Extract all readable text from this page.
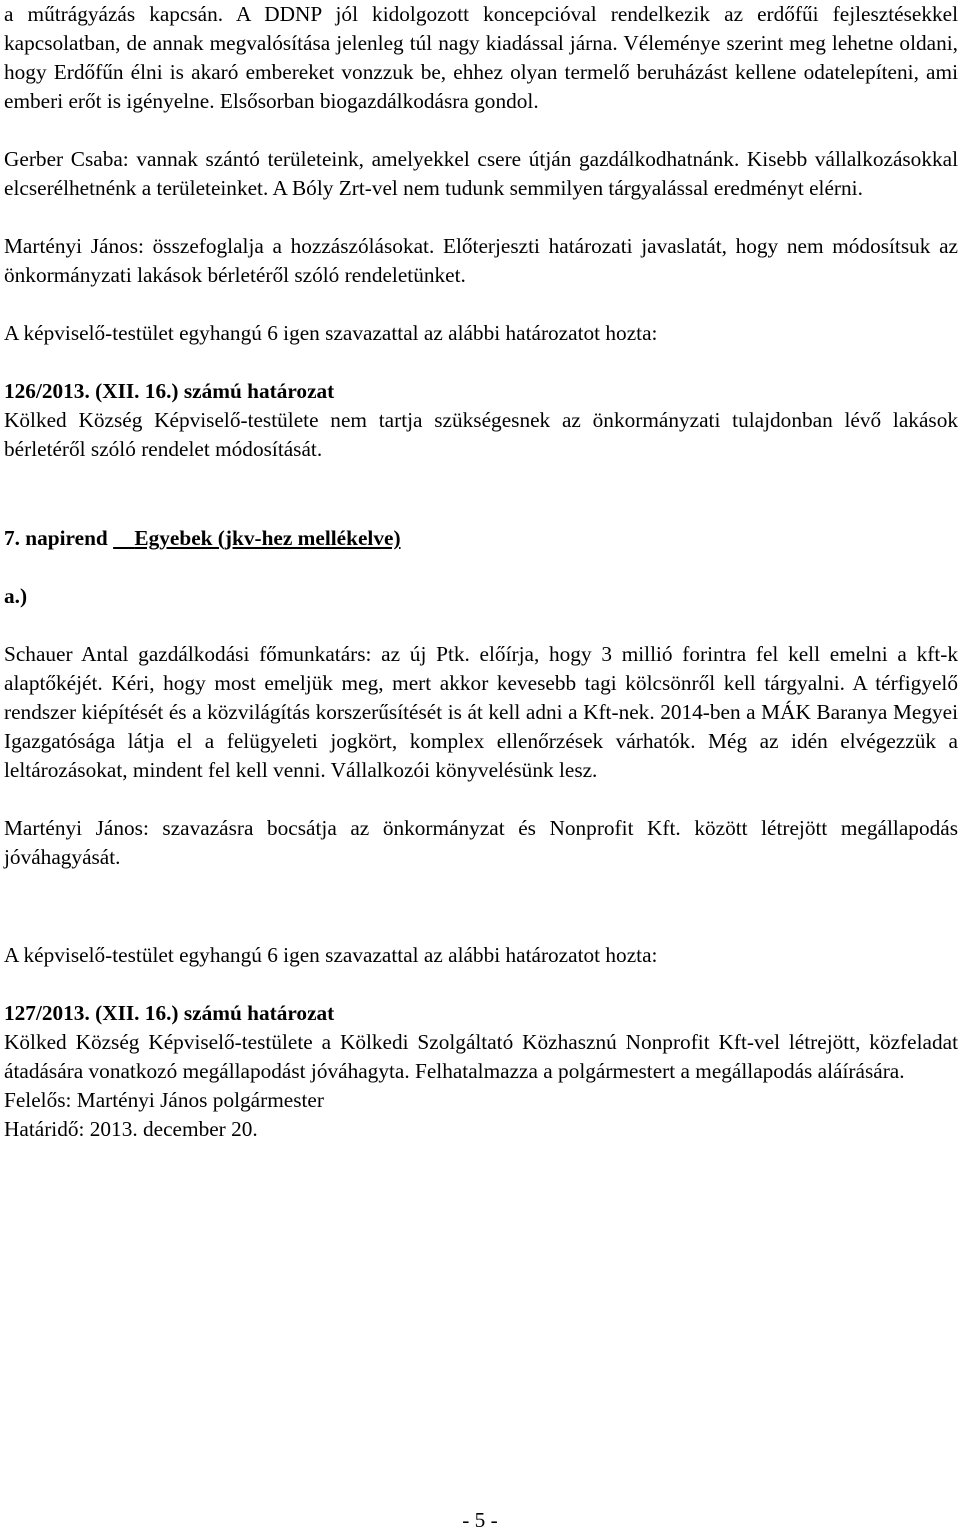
a műtrágyázás kapcsán. A DDNP jól kidolgozott koncepcióval rendelkezik az erdőfűi fejlesztésekkel kapcsolatban, de annak megvalósítása jelenleg túl nagy kiadással járna. Véleménye szerint meg lehetne oldani, hogy Erdőfűn élni is akaró embereket vonzzuk be, ehhez olyan termelő beruházást kellene odatelepíteni, ami emberi erőt is igényelne. Elsősorban biogazdálkodásra gondol.

Gerber Csaba: vannak szántó területeink, amelyekkel csere útján gazdálkodhatnánk. Kisebb vállalkozásokkal elcserélhetnénk a területeinket. A Bóly Zrt-vel nem tudunk semmilyen tárgyalással eredményt elérni.

Martényi János: összefoglalja a hozzászólásokat. Előterjeszti határozati javaslatát, hogy nem módosítsuk az önkormányzati lakások bérletéről szóló rendeletünket.

A képviselő-testület egyhangú 6 igen szavazattal az alábbi határozatot hozta:

126/2013. (XII. 16.) számú határozat

Kölked Község Képviselő-testülete nem tartja szükségesnek az önkormányzati tulajdonban lévő lakások bérletéről szóló rendelet módosítását.

7. napirend Egyebek (jkv-hez mellékelve)

a.)

Schauer Antal gazdálkodási főmunkatárs: az új Ptk. előírja, hogy 3 millió forintra fel kell emelni a kft-k alaptőkéjét. Kéri, hogy most emeljük meg, mert akkor kevesebb tagi kölcsönről kell tárgyalni. A térfigyelő rendszer kiépítését és a közvilágítás korszerűsítését is át kell adni a Kft-nek. 2014-ben a MÁK Baranya Megyei Igazgatósága látja el a felügyeleti jogkört, komplex ellenőrzések várhatók. Még az idén elvégezzük a leltározásokat, mindent fel kell venni. Vállalkozói könyvelésünk lesz.

Martényi János: szavazásra bocsátja az önkormányzat és Nonprofit Kft. között létrejött megállapodás jóváhagyását.

A képviselő-testület egyhangú 6 igen szavazattal az alábbi határozatot hozta:

127/2013. (XII. 16.) számú határozat

Kölked Község Képviselő-testülete a Kölkedi Szolgáltató Közhasznú Nonprofit Kft-vel létrejött, közfeladat átadására vonatkozó megállapodást jóváhagyta. Felhatalmazza a polgármestert a megállapodás aláírására.

Felelős: Martényi János polgármester

Határidő: 2013. december 20.

- 5 -
